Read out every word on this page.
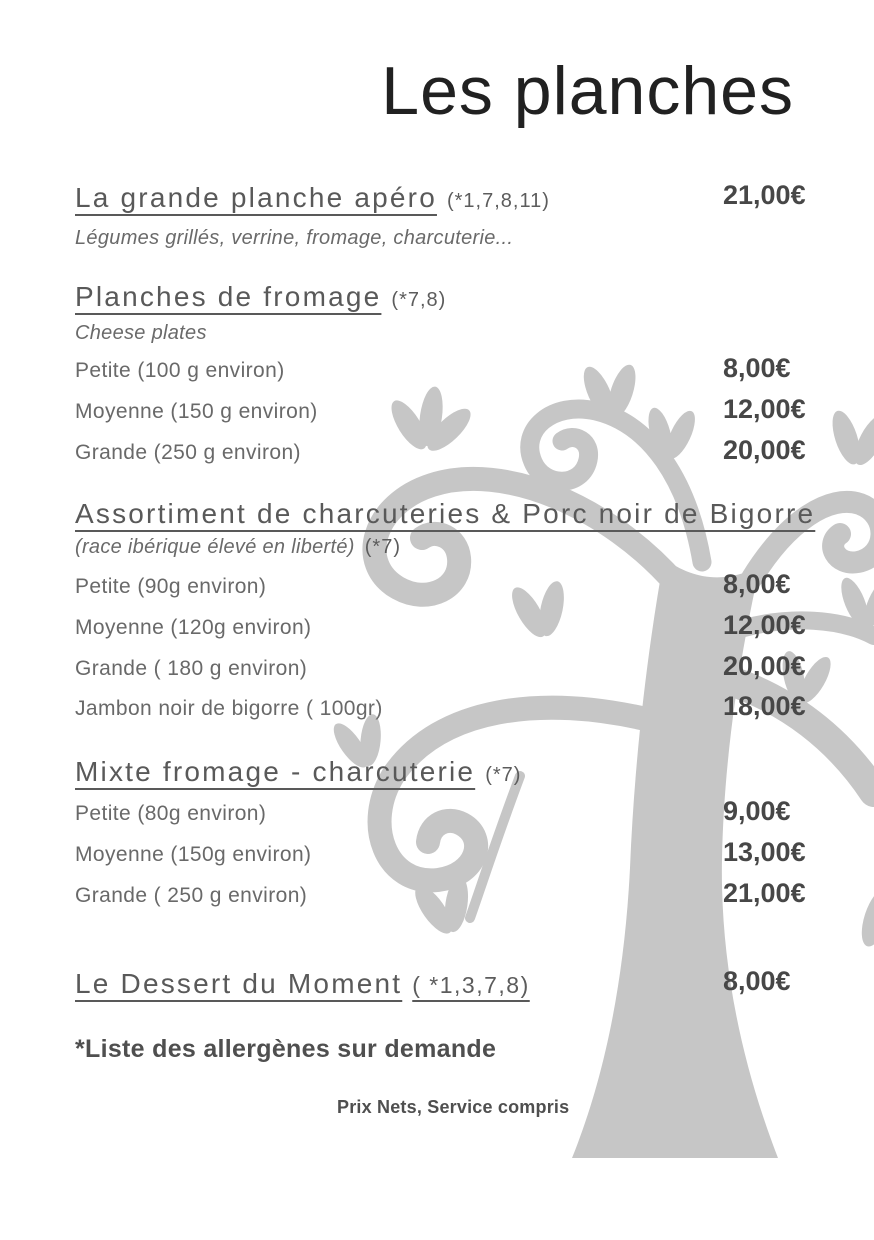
Les planches
La grande planche apéro (*1,7,8,11)	21,00€
Légumes grillés, verrine, fromage, charcuterie...
Planches de fromage (*7,8)
Cheese plates
Petite (100 g environ)	8,00€
Moyenne (150 g environ)	12,00€
Grande (250 g environ)	20,00€
Assortiment de charcuteries & Porc noir de Bigorre
(race ibérique élevé en liberté) (*7)
Petite (90g environ)	8,00€
Moyenne (120g environ)	12,00€
Grande ( 180 g environ)	20,00€
Jambon noir de bigorre ( 100gr)	18,00€
Mixte fromage - charcuterie (*7)
Petite (80g environ)	9,00€
Moyenne (150g environ)	13,00€
Grande ( 250 g environ)	21,00€
Le Dessert du Moment ( *1,3,7,8)	8,00€
*Liste des allergènes sur demande
Prix Nets, Service compris
